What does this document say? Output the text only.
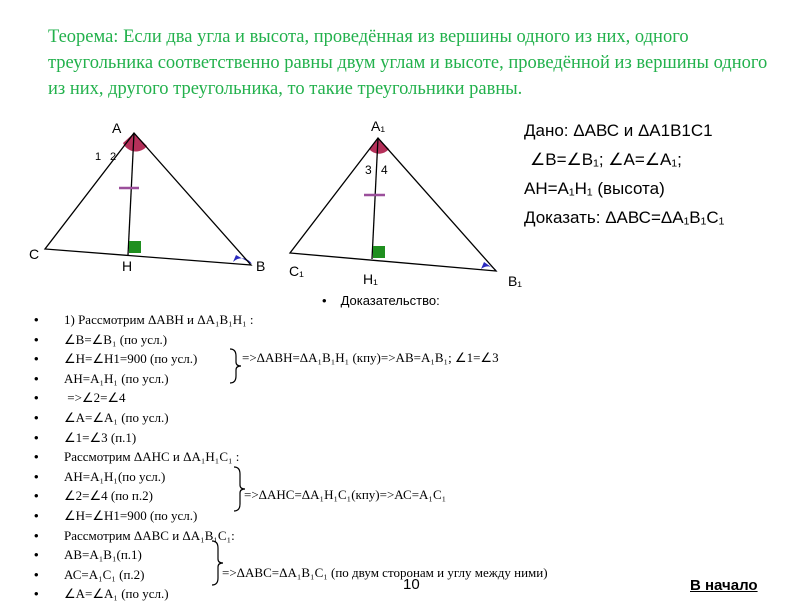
Теорема: Если два угла и высота, проведённая из вершины одного из них, одного треугольника соответственно равны двум углам и высоте, проведённой из вершины одного из них, другого треугольника, то такие треугольники равны.

A
1 2
C
H	B
A₁
3 4
C₁	H₁	B₁
Дано: ΔАВС и ΔА1В1С1
∠В=∠В₁; ∠А=∠А₁;
АН=А₁Н₁ (высота)
Доказать: ΔАВС=ΔА₁В₁С₁
• Доказательство:
• 1) Рассмотрим ΔАВН и ΔА₁В₁Н₁ :
• ∠В=∠В₁ (по усл.)
• ∠Н=∠Н1=900 (по усл.)
• АН=А₁Н₁ (по усл.)
• =>∠2=∠4
• ∠А=∠А₁ (по усл.)
• ∠1=∠3 (п.1)
• Рассмотрим ΔАНС и ΔА₁Н₁С₁ :
• АН=А₁Н₁(по усл.)
• ∠2=∠4 (по п.2)
• ∠Н=∠Н1=900 (по усл.)
• Рассмотрим ΔАВС и ΔА₁В₁С₁:
• АВ=А₁В₁(п.1)
• АС=А₁С₁ (п.2)
• ∠А=∠А₁ (по усл.)
=>ΔАВН=ΔА₁В₁Н₁ (кпу)=>АВ=А₁В₁; ∠1=∠3
=>ΔАНС=ΔА₁Н₁С₁(кпу)=>АС=А₁С₁
=>ΔАВС=ΔА₁В₁С₁ (по двум сторонам и углу между ними)
10	В начало
